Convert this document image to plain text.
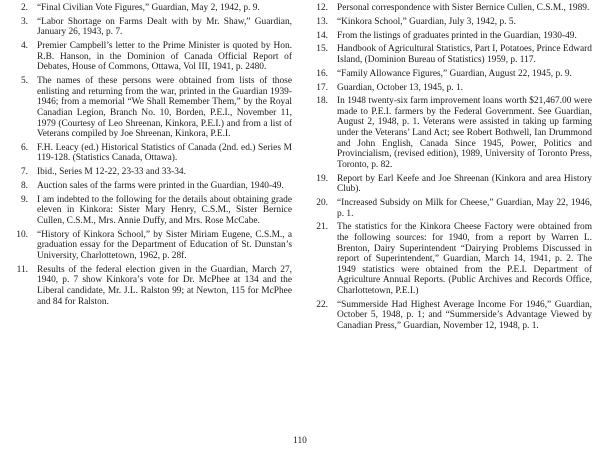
2. “Final Civilian Vote Figures,” Guardian, May 2, 1942, p. 9.
3. “Labor Shortage on Farms Dealt with by Mr. Shaw,” Guardian, January 26, 1943, p. 7.
4. Premier Campbell’s letter to the Prime Minister is quoted by Hon. R.B. Hanson, in the Dominion of Canada Official Report of Debates, House of Commons, Ottawa, Vol III, 1941, p. 2480.
5. The names of these persons were obtained from lists of those enlisting and returning from the war, printed in the Guardian 1939-1946; from a memorial “We Shall Remember Them,” by the Royal Canadian Legion, Branch No. 10, Borden, P.E.I., November 11, 1979 (Courtesy of Leo Shreenan, Kinkora, P.E.I.) and from a list of Veterans compiled by Joe Shreenan, Kinkora, P.E.I.
6. F.H. Leacy (ed.) Historical Statistics of Canada (2nd. ed.) Series M 119-128. (Statistics Canada, Ottawa).
7. Ibid., Series M 12-22, 23-33 and 33-34.
8. Auction sales of the farms were printed in the Guardian, 1940-49.
9. I am indebted to the following for the details about obtaining grade eleven in Kinkora: Sister Mary Henry, C.S.M., Sister Bernice Cullen, C.S.M., Mrs. Annie Duffy, and Mrs. Rose McCabe.
10. “History of Kinkora School,” by Sister Miriam Eugene, C.S.M., a graduation essay for the Department of Education of St. Dunstan’s University, Charlottetown, 1962, p. 28f.
11. Results of the federal election given in the Guardian, March 27, 1940, p. 7 show Kinkora’s vote for Dr. McPhee at 134 and the Liberal candidate, Mr. J.L. Ralston 99; at Newton, 115 for McPhee and 84 for Ralston.
12. Personal correspondence with Sister Bernice Cullen, C.S.M., 1989.
13. “Kinkora School,” Guardian, July 3, 1942, p. 5.
14. From the listings of graduates printed in the Guardian, 1930-49.
15. Handbook of Agricultural Statistics, Part I, Potatoes, Prince Edward Island, (Dominion Bureau of Statistics) 1959, p. 117.
16. “Family Allowance Figures,” Guardian, August 22, 1945, p. 9.
17. Guardian, October 13, 1945, p. 1.
18. In 1948 twenty-six farm improvement loans worth $21,467.00 were made to P.E.I. farmers by the Federal Government. See Guardian, August 2, 1948, p. 1. Veterans were assisted in taking up farming under the Veterans’ Land Act; see Robert Bothwell, Ian Drummond and John English, Canada Since 1945, Power, Politics and Provincialism, (revised edition), 1989, University of Toronto Press, Toronto, p. 82.
19. Report by Earl Keefe and Joe Shreenan (Kinkora and area History Club).
20. “Increased Subsidy on Milk for Cheese,” Guardian, May 22, 1946, p. 1.
21. The statistics for the Kinkora Cheese Factory were obtained from the following sources: for 1940, from a report by Warren L. Brenton, Dairy Superintendent “Dairying Problems Discussed in report of Superintendent,” Guardian, March 14, 1941, p. 2. The 1949 statistics were obtained from the P.E.I. Department of Agriculture Annual Reports. (Public Archives and Records Office, Charlottetown, P.E.I.)
22. “Summerside Had Highest Average Income For 1946,” Guardian, October 5, 1948, p. 1; and “Summerside’s Advantage Viewed by Canadian Press,” Guardian, November 12, 1948, p. 1.
110
